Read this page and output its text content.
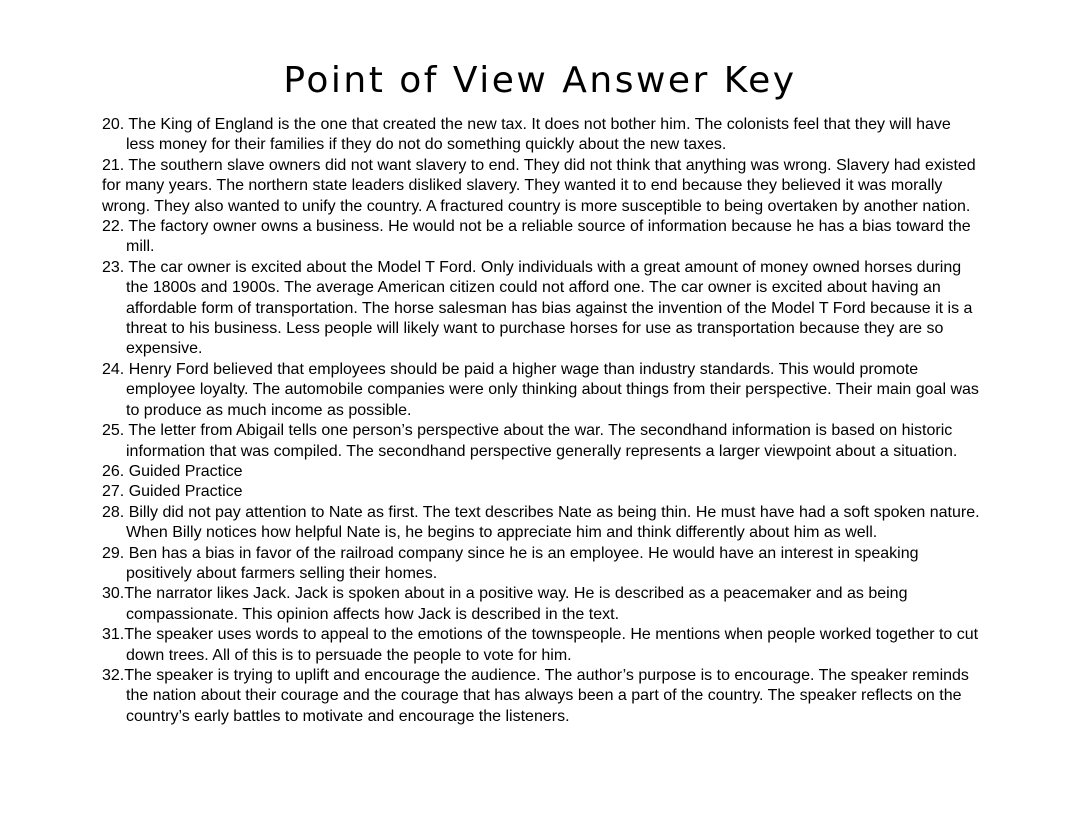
Point of View Answer Key

20. The King of England is the one that created the new tax. It does not bother him. The colonists feel that they will have less money for their families if they do not do something quickly about the new taxes.

21. The southern slave owners did not want slavery to end. They did not think that anything was wrong. Slavery had existed for many years. The northern state leaders disliked slavery. They wanted it to end because they believed it was morally wrong. They also wanted to unify the country. A fractured country is more susceptible to being overtaken by another nation.

22. The factory owner owns a business. He would not be a reliable source of information because he has a bias toward the mill.

23. The car owner is excited about the Model T Ford. Only individuals with a great amount of money owned horses during the 1800s and 1900s. The average American citizen could not afford one. The car owner is excited about having an affordable form of transportation. The horse salesman has bias against the invention of the Model T Ford because it is a threat to his business. Less people will likely want to purchase horses for use as transportation because they are so expensive.

24. Henry Ford believed that employees should be paid a higher wage than industry standards. This would promote employee loyalty. The automobile companies were only thinking about things from their perspective. Their main goal was to produce as much income as possible.

25. The letter from Abigail tells one person’s perspective about the war. The secondhand information is based on historic information that was compiled. The secondhand perspective generally represents a larger viewpoint about a situation.

26. Guided Practice

27. Guided Practice

28. Billy did not pay attention to Nate as first. The text describes Nate as being thin. He must have had a soft spoken nature. When Billy notices how helpful Nate is, he begins to appreciate him and think differently about him as well.

29. Ben has a bias in favor of the railroad company since he is an employee. He would have an interest in speaking positively about farmers selling their homes.

30.The narrator likes Jack. Jack is spoken about in a positive way. He is described as a peacemaker and as being compassionate. This opinion affects how Jack is described in the text.

31.The speaker uses words to appeal to the emotions of the townspeople. He mentions when people worked together to cut down trees. All of this is to persuade the people to vote for him.

32.The speaker is trying to uplift and encourage the audience. The author’s purpose is to encourage. The speaker reminds the nation about their courage and the courage that has always been a part of the country. The speaker reflects on the country’s early battles to motivate and encourage the listeners.
